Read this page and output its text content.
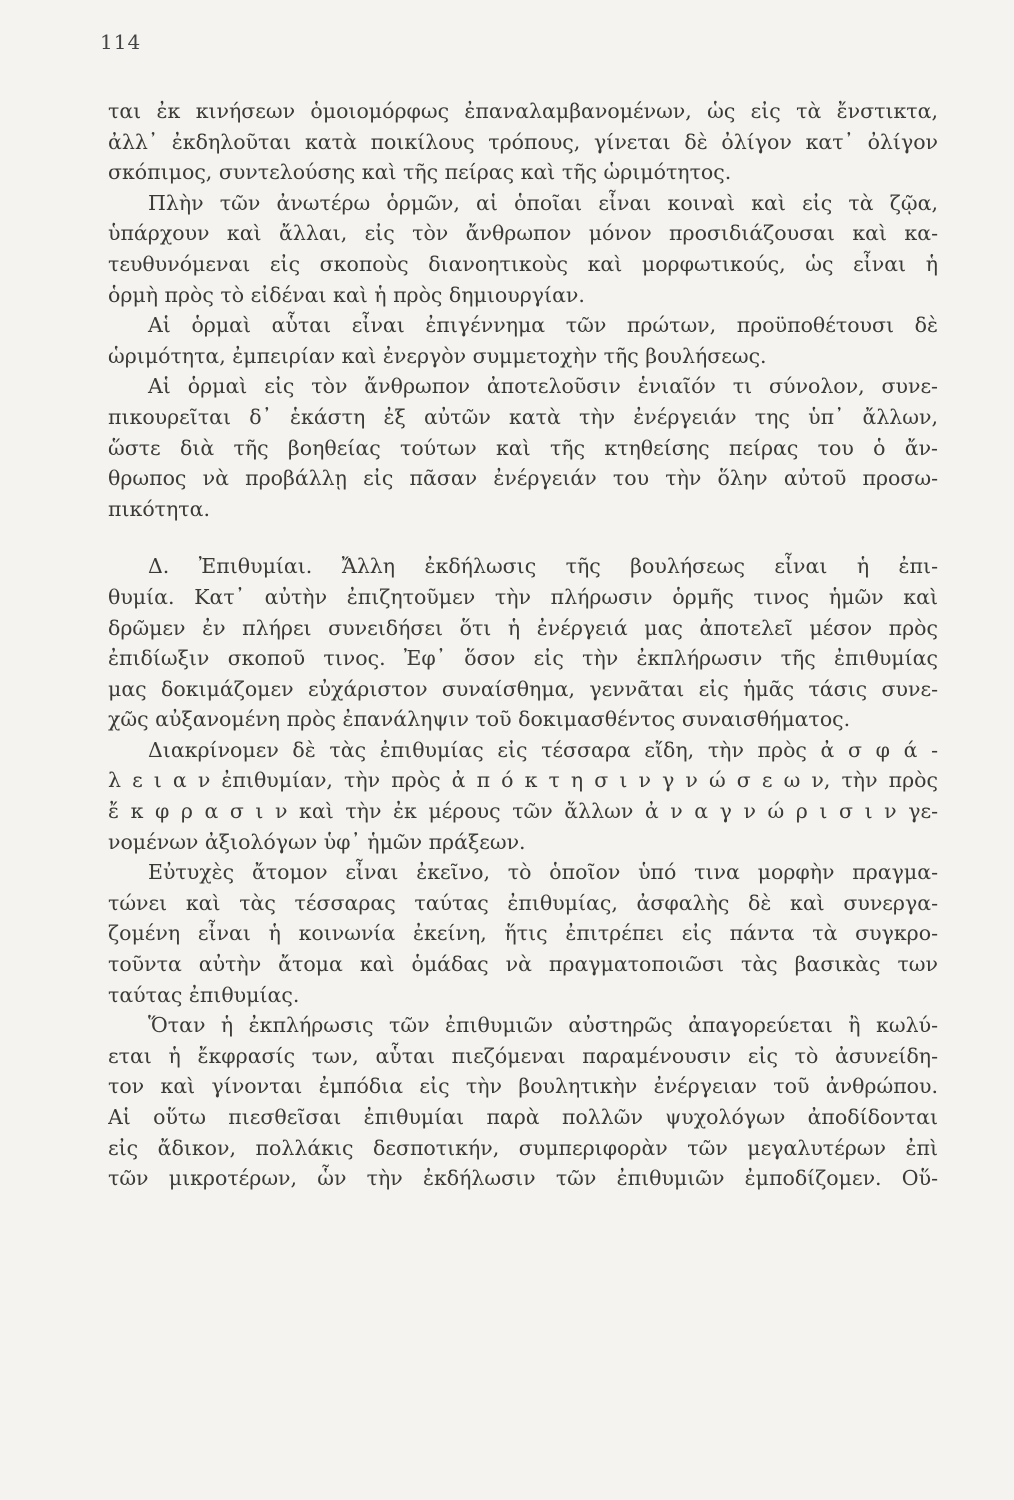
114
ται ἐκ κινήσεων ὁμοιομόρφως ἐπαναλαμβανομένων, ὡς εἰς τὰ ἔνστικτα,
ἀλλ᾽ ἐκδηλοῦται κατὰ ποικίλους τρόπους, γίνεται δὲ ὀλίγον κατ᾽ ὀλίγον
σκόπιμος, συντελούσης καὶ τῆς πείρας καὶ τῆς ὡριμότητος.
Πλὴν τῶν ἀνωτέρω ὁρμῶν, αἱ ὁποῖαι εἶναι κοιναὶ καὶ εἰς τὰ ζῷα,
ὑπάρχουν καὶ ἄλλαι, εἰς τὸν ἄνθρωπον μόνον προσιδιάζουσαι καὶ κα-
τευθυνόμεναι εἰς σκοποὺς διανοητικοὺς καὶ μορφωτικούς, ὡς εἶναι ἡ
ὁρμὴ πρὸς τὸ εἰδέναι καὶ ἡ πρὸς δημιουργίαν.
Αἱ ὁρμαὶ αὗται εἶναι ἐπιγέννημα τῶν πρώτων, προϋποθέτουσι δὲ
ὡριμότητα, ἐμπειρίαν καὶ ἐνεργὸν συμμετοχὴν τῆς βουλήσεως.
Αἱ ὁρμαὶ εἰς τὸν ἄνθρωπον ἀποτελοῦσιν ἑνιαῖόν τι σύνολον, συνε-
πικουρεῖται δ᾽ ἑκάστη ἐξ αὐτῶν κατὰ τὴν ἐνέργειάν της ὑπ᾽ ἄλλων,
ὥστε διὰ τῆς βοηθείας τούτων καὶ τῆς κτηθείσης πείρας του ὁ ἄν-
θρωπος νὰ προβάλλῃ εἰς πᾶσαν ἐνέργειάν του τὴν ὅλην αὐτοῦ προσω-
πικότητα.
Δ. Ἐπιθυμίαι. Ἄλλη ἐκδήλωσις τῆς βουλήσεως εἶναι ἡ ἐπι-
θυμία. Κατ᾽ αὐτὴν ἐπιζητοῦμεν τὴν πλήρωσιν ὁρμῆς τινος ἡμῶν καὶ
δρῶμεν ἐν πλήρει συνειδήσει ὅτι ἡ ἐνέργειά μας ἀποτελεῖ μέσον πρὸς
ἐπιδίωξιν σκοποῦ τινος. Ἐφ᾽ ὅσον εἰς τὴν ἐκπλήρωσιν τῆς ἐπιθυμίας
μας δοκιμάζομεν εὐχάριστον συναίσθημα, γεννᾶται εἰς ἡμᾶς τάσις συνε-
χῶς αὐξανομένη πρὸς ἐπανάληψιν τοῦ δοκιμασθέντος συναισθήματος.
Διακρίνομεν δὲ τὰς ἐπιθυμίας εἰς τέσσαρα εἴδη, τὴν πρὸς ἀ σ φ ά -
λ ε ι α ν ἐπιθυμίαν, τὴν πρὸς ἀ π ό κ τ η σ ι ν γ ν ώ σ ε ω ν, τὴν πρὸς
ἔ κ φ ρ α σ ι ν καὶ τὴν ἐκ μέρους τῶν ἄλλων ἀ ν α γ ν ώ ρ ι σ ι ν γε-
νομένων ἀξιολόγων ὑφ᾽ ἡμῶν πράξεων.
Εὐτυχὲς ἄτομον εἶναι ἐκεῖνο, τὸ ὁποῖον ὑπό τινα μορφὴν πραγμα-
τώνει καὶ τὰς τέσσαρας ταύτας ἐπιθυμίας, ἀσφαλὴς δὲ καὶ συνεργα-
ζομένη εἶναι ἡ κοινωνία ἐκείνη, ἥτις ἐπιτρέπει εἰς πάντα τὰ συγκρο-
τοῦντα αὐτὴν ἄτομα καὶ ὁμάδας νὰ πραγματοποιῶσι τὰς βασικὰς των
ταύτας ἐπιθυμίας.
Ὅταν ἡ ἐκπλήρωσις τῶν ἐπιθυμιῶν αὐστηρῶς ἀπαγορεύεται ἢ κωλύ-
εται ἡ ἔκφρασίς των, αὗται πιεζόμεναι παραμένουσιν εἰς τὸ ἀσυνείδη-
τον καὶ γίνονται ἐμπόδια εἰς τὴν βουλητικὴν ἐνέργειαν τοῦ ἀνθρώπου.
Αἱ οὕτω πιεσθεῖσαι ἐπιθυμίαι παρὰ πολλῶν ψυχολόγων ἀποδίδονται
εἰς ἄδικον, πολλάκις δεσποτικήν, συμπεριφορὰν τῶν μεγαλυτέρων ἐπὶ
τῶν μικροτέρων, ὧν τὴν ἐκδήλωσιν τῶν ἐπιθυμιῶν ἐμποδίζομεν. Οὕ-
